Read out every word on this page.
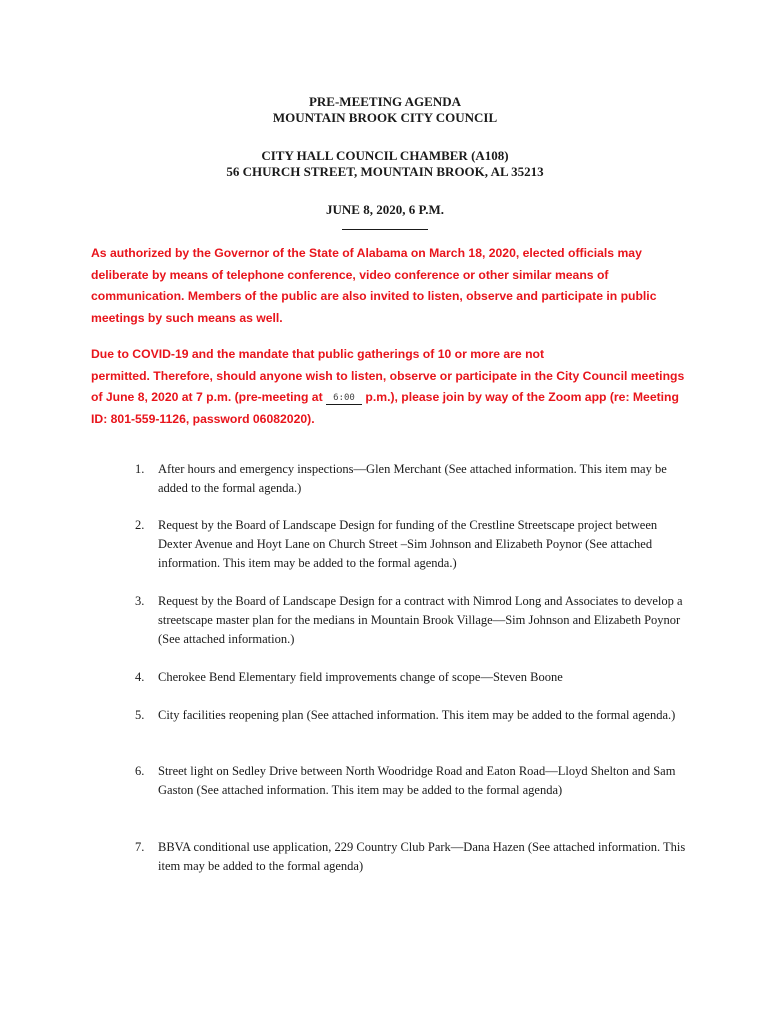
PRE-MEETING AGENDA
MOUNTAIN BROOK CITY COUNCIL
CITY HALL COUNCIL CHAMBER (A108)
56 CHURCH STREET, MOUNTAIN BROOK, AL 35213
JUNE 8, 2020, 6 P.M.

As authorized by the Governor of the State of Alabama on March 18, 2020, elected officials may deliberate by means of telephone conference, video conference or other similar means of communication. Members of the public are also invited to listen, observe and participate in public meetings by such means as well.

Due to COVID-19 and the mandate that public gatherings of 10 or more are not
permitted. Therefore, should anyone wish to listen, observe or participate in the City Council meetings of June 8, 2020 at 7 p.m. (pre-meeting at 6:00 p.m.), please join by way of the Zoom app (re: Meeting ID: 801-559-1126, password 06082020).

1.	After hours and emergency inspections—Glen Merchant (See attached information. This item may be added to the formal agenda.)
2.	Request by the Board of Landscape Design for funding of the Crestline Streetscape project between Dexter Avenue and Hoyt Lane on Church Street –Sim Johnson and Elizabeth Poynor (See attached information. This item may be added to the formal agenda.)
3.	Request by the Board of Landscape Design for a contract with Nimrod Long and Associates to develop a streetscape master plan for the medians in Mountain Brook Village—Sim Johnson and Elizabeth Poynor (See attached information.)
4.	Cherokee Bend Elementary field improvements change of scope—Steven Boone
5.	City facilities reopening plan (See attached information. This item may be added to the formal agenda.)
6.	Street light on Sedley Drive between North Woodridge Road and Eaton Road—Lloyd Shelton and Sam Gaston (See attached information. This item may be added to the formal agenda)
7.	BBVA conditional use application, 229 Country Club Park—Dana Hazen (See attached information. This item may be added to the formal agenda)
